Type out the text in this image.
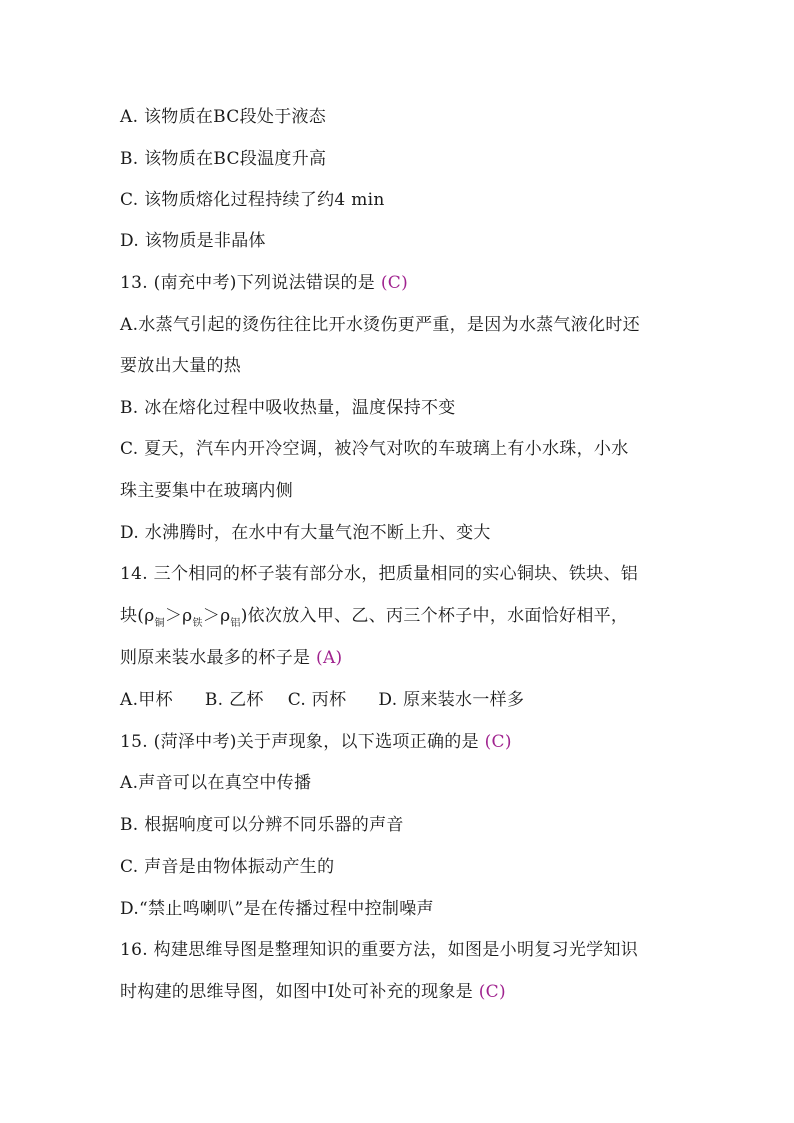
A. 该物质在BC段处于液态
B. 该物质在BC段温度升高
C. 该物质熔化过程持续了约4 min
D. 该物质是非晶体
13. (南充中考)下列说法错误的是 (C)
A.水蒸气引起的烫伤往往比开水烫伤更严重，是因为水蒸气液化时还
要放出大量的热
B. 冰在熔化过程中吸收热量，温度保持不变
C. 夏天，汽车内开冷空调，被冷气对吹的车玻璃上有小水珠，小水
珠主要集中在玻璃内侧
D. 水沸腾时，在水中有大量气泡不断上升、变大
14. 三个相同的杯子装有部分水，把质量相同的实心铜块、铁块、铝
块$(\rho_铜>\rho_铁>\rho_铝)$依次放入甲、乙、丙三个杯子中，水面恰好相平，
则原来装水最多的杯子是 (A)
A.甲杯 B. 乙杯 C. 丙杯 D. 原来装水一样多
15. (菏泽中考)关于声现象，以下选项正确的是 (C)
A.声音可以在真空中传播
B. 根据响度可以分辨不同乐器的声音
C. 声音是由物体振动产生的
D.“禁止鸣喇叭”是在传播过程中控制噪声
16. 构建思维导图是整理知识的重要方法，如图是小明复习光学知识
时构建的思维导图，如图中Ⅰ处可补充的现象是 (C)
